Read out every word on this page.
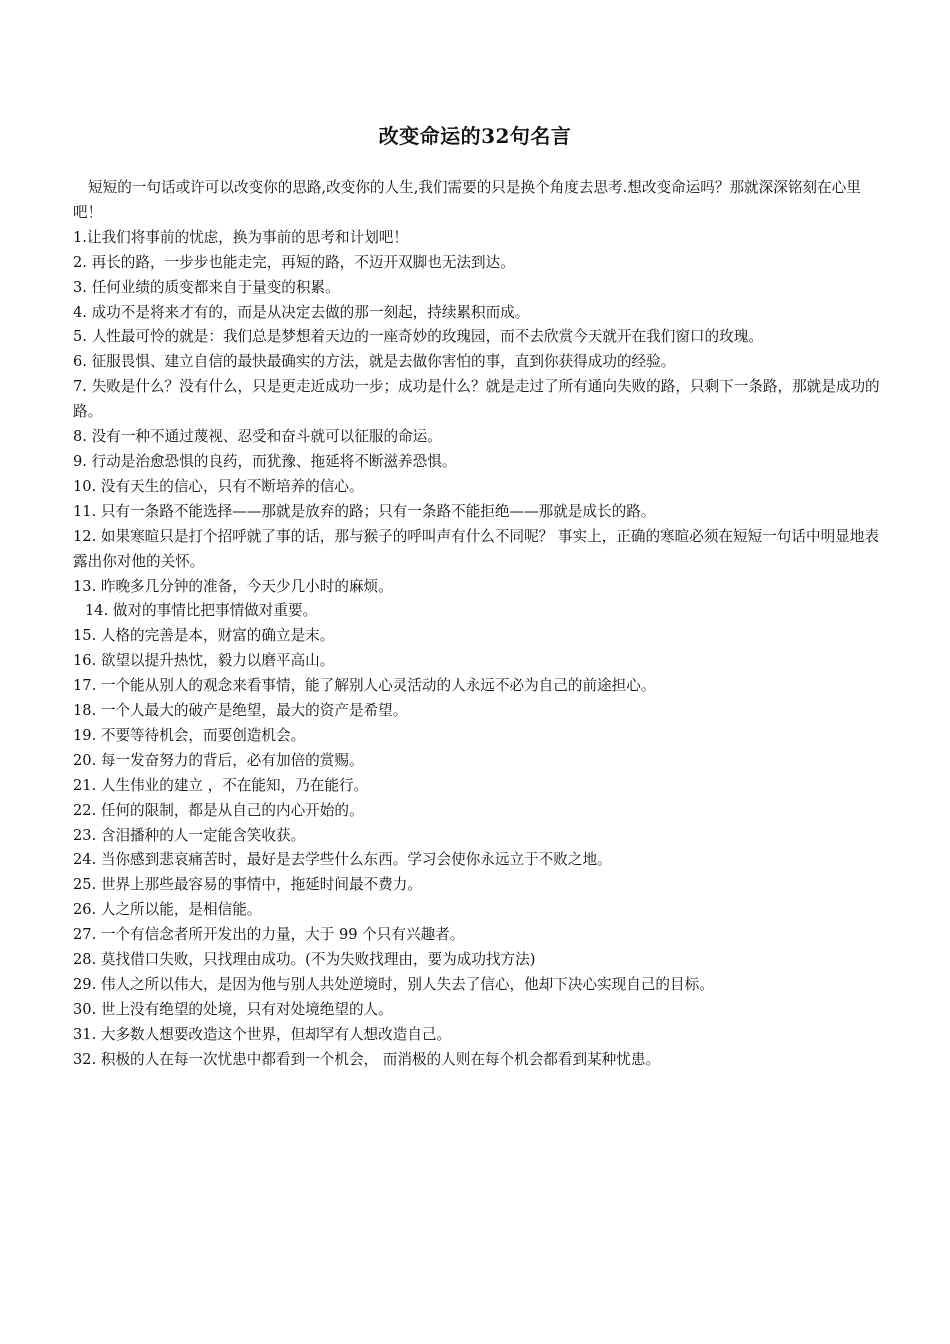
改变命运的32句名言

短短的一句话或许可以改变你的思路,改变你的人生,我们需要的只是换个角度去思考.想改变命运吗？那就深深铭刻在心里吧！

1.让我们将事前的忧虑，换为事前的思考和计划吧！

2. 再长的路，一步步也能走完，再短的路，不迈开双脚也无法到达。

3. 任何业绩的质变都来自于量变的积累。

4. 成功不是将来才有的，而是从决定去做的那一刻起，持续累积而成。

5. 人性最可怜的就是：我们总是梦想着天边的一座奇妙的玫瑰园，而不去欣赏今天就开在我们窗口的玫瑰。

6. 征服畏惧、建立自信的最快最确实的方法，就是去做你害怕的事，直到你获得成功的经验。

7. 失败是什么？没有什么，只是更走近成功一步；成功是什么？就是走过了所有通向失败的路，只剩下一条路，那就是成功的路。

8. 没有一种不通过蔑视、忍受和奋斗就可以征服的命运。

9. 行动是治愈恐惧的良药，而犹豫、拖延将不断滋养恐惧。

10. 没有天生的信心，只有不断培养的信心。

11. 只有一条路不能选择——那就是放弃的路；只有一条路不能拒绝——那就是成长的路。

12. 如果寒暄只是打个招呼就了事的话，那与猴子的呼叫声有什么不同呢？ 事实上，正确的寒暄必须在短短一句话中明显地表露出你对他的关怀。

13. 昨晚多几分钟的准备，今天少几小时的麻烦。

14. 做对的事情比把事情做对重要。

15. 人格的完善是本，财富的确立是末。

16. 欲望以提升热忱，毅力以磨平高山。

17. 一个能从别人的观念来看事情，能了解别人心灵活动的人永远不必为自己的前途担心。

18. 一个人最大的破产是绝望，最大的资产是希望。

19. 不要等待机会，而要创造机会。

20. 每一发奋努力的背后，必有加倍的赏赐。

21. 人生伟业的建立 ，不在能知，乃在能行。

22. 任何的限制，都是从自己的内心开始的。

23. 含泪播种的人一定能含笑收获。

24. 当你感到悲哀痛苦时，最好是去学些什么东西。学习会使你永远立于不败之地。

25. 世界上那些最容易的事情中，拖延时间最不费力。

26. 人之所以能，是相信能。

27. 一个有信念者所开发出的力量，大于 99 个只有兴趣者。

28. 莫找借口失败，只找理由成功。(不为失败找理由，要为成功找方法)

29. 伟人之所以伟大，是因为他与别人共处逆境时，别人失去了信心，他却下决心实现自己的目标。

30. 世上没有绝望的处境，只有对处境绝望的人。

31. 大多数人想要改造这个世界，但却罕有人想改造自己。

32. 积极的人在每一次忧患中都看到一个机会， 而消极的人则在每个机会都看到某种忧患。
